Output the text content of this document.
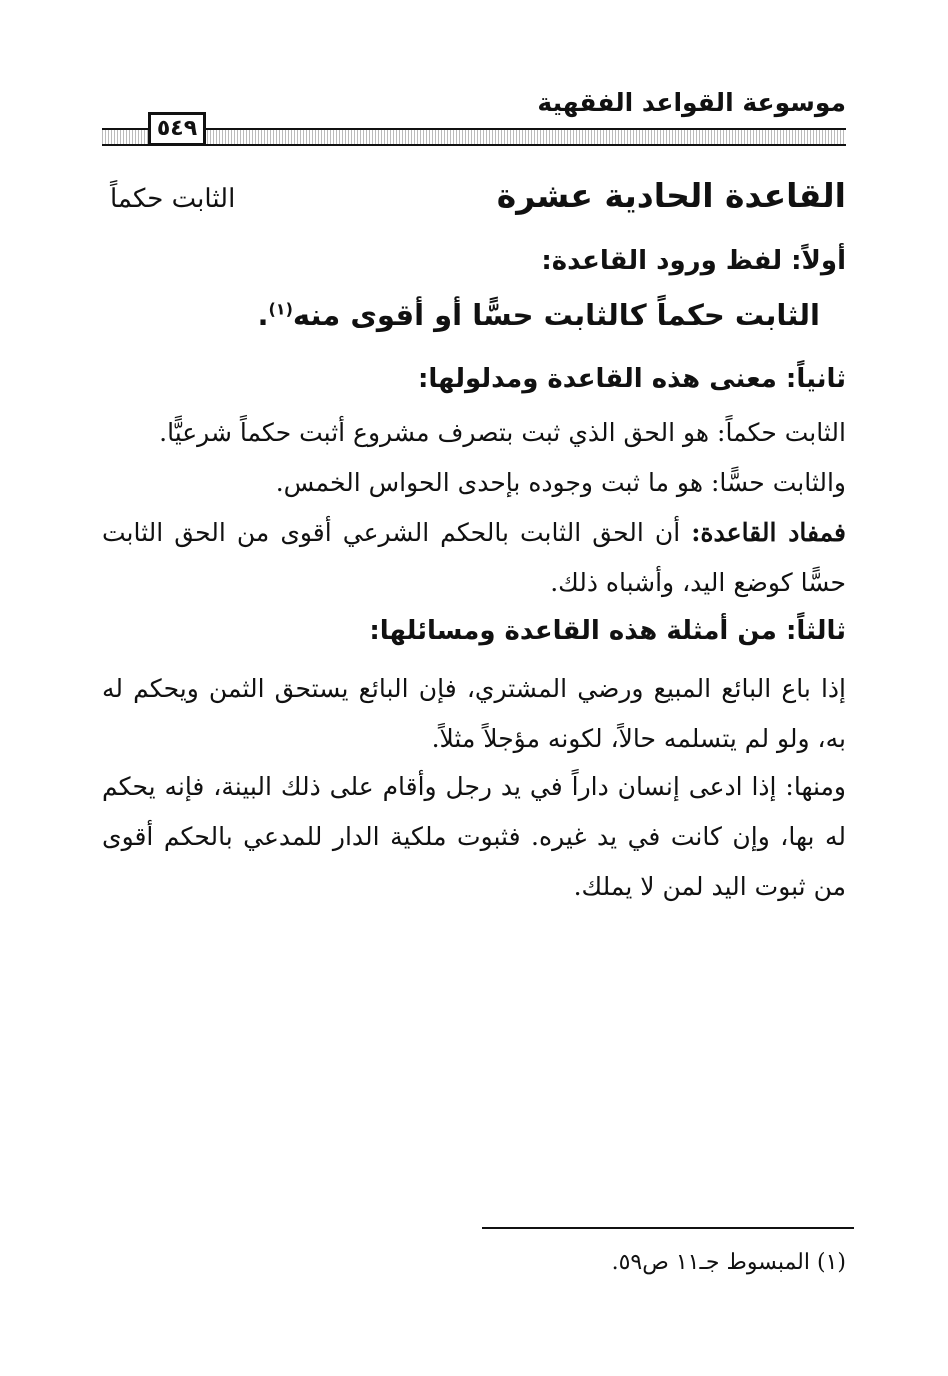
موسوعة القواعد الفقهية
٥٤٩
القاعدة الحادية عشرة
الثابت حكماً
أولاً: لفظ ورود القاعدة:
الثابت حكماً كالثابت حسًّا أو أقوى منه$^{(١)}$.
ثانياً: معنى هذه القاعدة ومدلولها:
الثابت حكماً: هو الحق الذي ثبت بتصرف مشروع أثبت حكماً شرعيًّا.
والثابت حسًّا: هو ما ثبت وجوده بإحدى الحواس الخمس.
فمفاد القاعدة: أن الحق الثابت بالحكم الشرعي أقوى من الحق الثابت حسًّا كوضع اليد، وأشباه ذلك.
ثالثاً: من أمثلة هذه القاعدة ومسائلها:
إذا باع البائع المبيع ورضي المشتري، فإن البائع يستحق الثمن ويحكم له به، ولو لم يتسلمه حالاً، لكونه مؤجلاً مثلاً.
ومنها: إذا ادعى إنسان داراً في يد رجل وأقام على ذلك البينة، فإنه يحكم له بها، وإن كانت في يد غيره. فثبوت ملكية الدار للمدعي بالحكم أقوى من ثبوت اليد لمن لا يملك.
(١) المبسوط جـ١١ ص٥٩.
